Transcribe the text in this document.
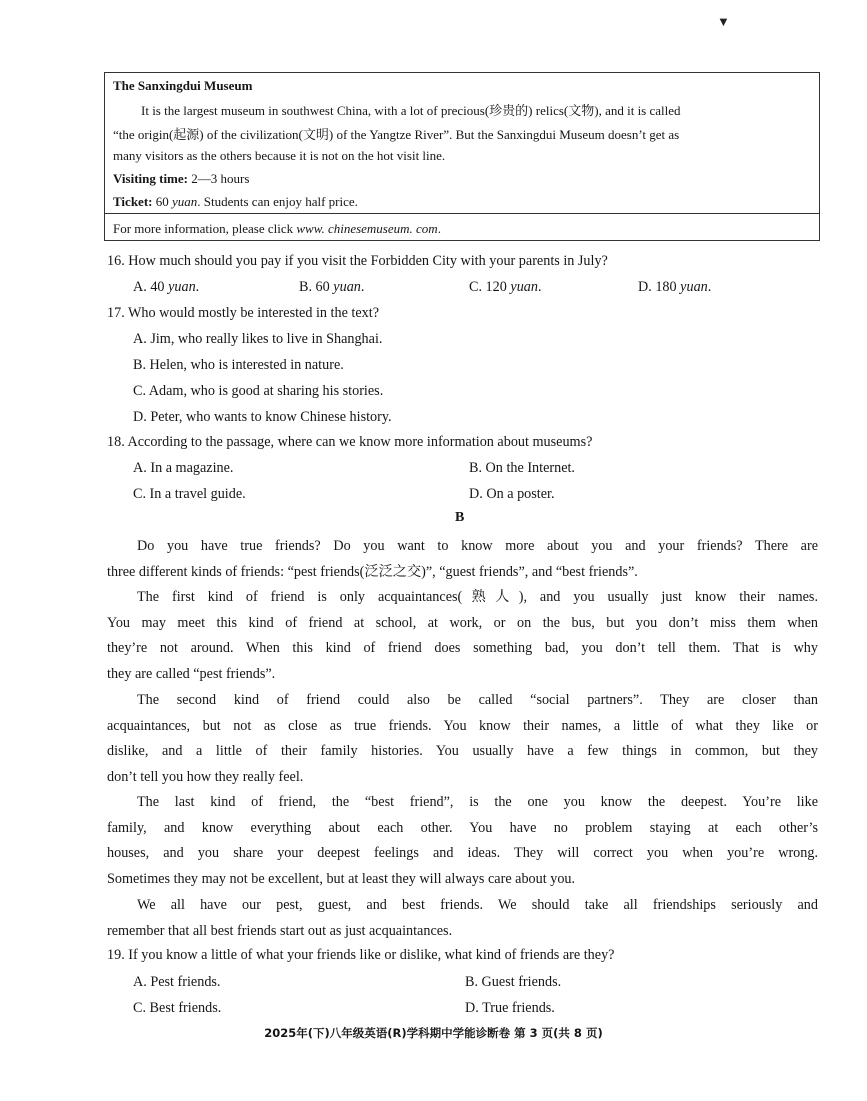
▼
The Sanxingdui Museum
It is the largest museum in southwest China, with a lot of precious(珍贵的) relics(文物), and it is called
“the origin(起源) of the civilization(文明) of the Yangtze River”. But the Sanxingdui Museum doesn’t get as
many visitors as the others because it is not on the hot visit line.
Visiting time: 2—3 hours
Ticket: 60 yuan. Students can enjoy half price.
For more information, please click www. chinesemuseum. com.
16. How much should you pay if you visit the Forbidden City with your parents in July?
A. 40 yuan.	B. 60 yuan.	C. 120 yuan.	D. 180 yuan.
17. Who would mostly be interested in the text?
A. Jim, who really likes to live in Shanghai.
B. Helen, who is interested in nature.
C. Adam, who is good at sharing his stories.
D. Peter, who wants to know Chinese history.
18. According to the passage, where can we know more information about museums?
A. In a magazine.	B. On the Internet.
C. In a travel guide.	D. On a poster.
B
Do you have true friends? Do you want to know more about you and your friends? There are
three different kinds of friends: “pest friends(泛泛之交)”, “guest friends”, and “best friends”.
The first kind of friend is only acquaintances(熟人), and you usually just know their names.
You may meet this kind of friend at school, at work, or on the bus, but you don’t miss them when
they’re not around. When this kind of friend does something bad, you don’t tell them. That is why
they are called “pest friends”.
The second kind of friend could also be called “social partners”. They are closer than
acquaintances, but not as close as true friends. You know their names, a little of what they like or
dislike, and a little of their family histories. You usually have a few things in common, but they
don’t tell you how they really feel.
The last kind of friend, the “best friend”, is the one you know the deepest. You’re like
family, and know everything about each other. You have no problem staying at each other’s
houses, and you share your deepest feelings and ideas. They will correct you when you’re wrong.
Sometimes they may not be excellent, but at least they will always care about you.
We all have our pest, guest, and best friends. We should take all friendships seriously and
remember that all best friends start out as just acquaintances.
19. If you know a little of what your friends like or dislike, what kind of friends are they?
A. Pest friends.	B. Guest friends.
C. Best friends.	D. True friends.
2025年(下)八年级英语(R)学科期中学能诊断卷 第 3 页(共 8 页)
